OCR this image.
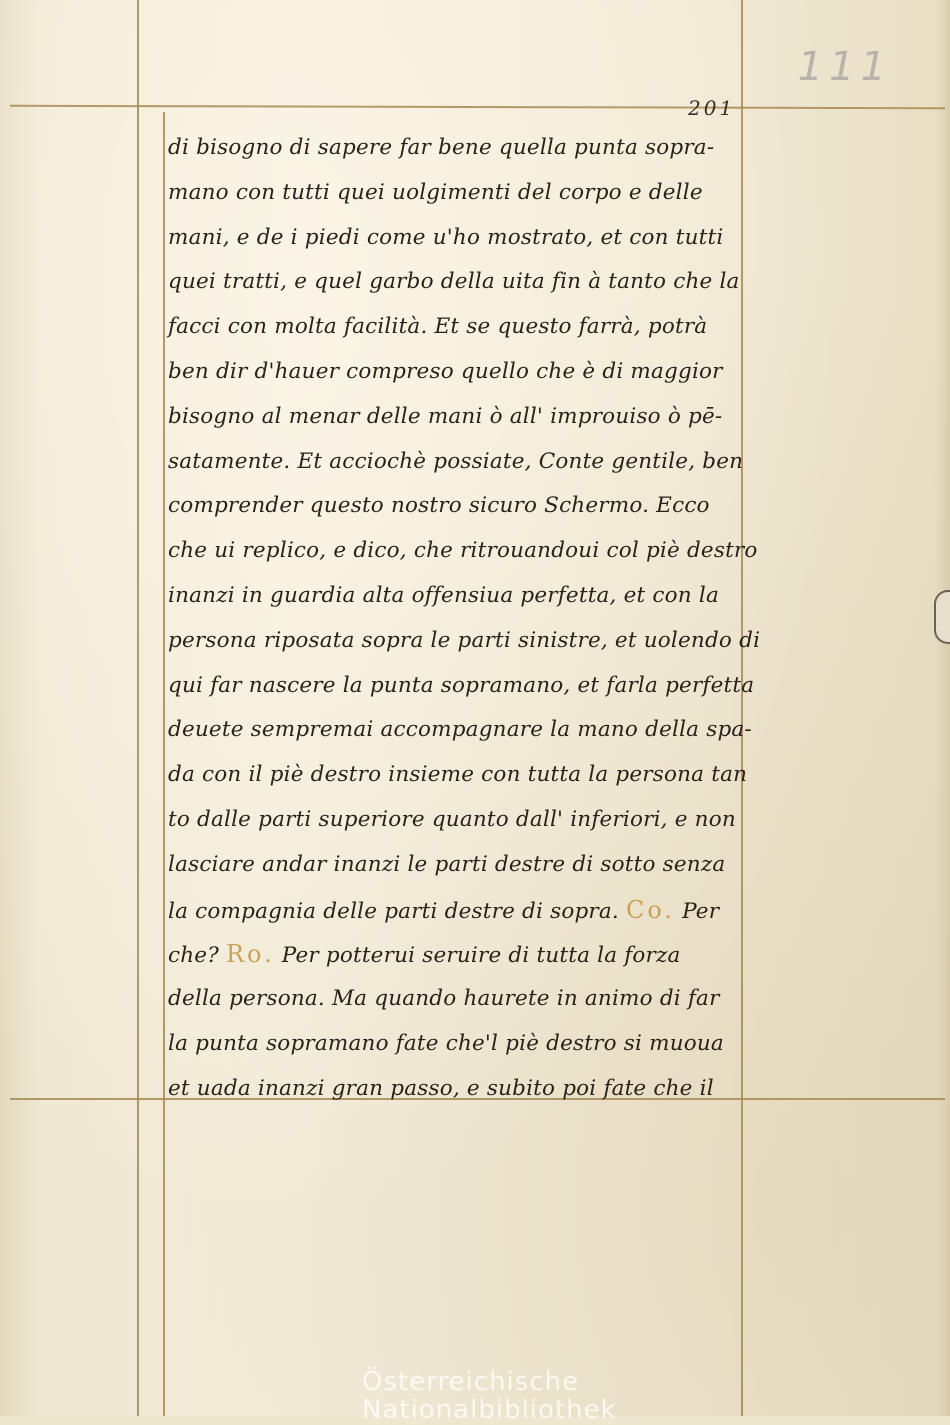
111
201
di bisogno di sapere far bene quella punta sopra-
mano con tutti quei uolgimenti del corpo e delle
mani, e de i piedi come u'ho mostrato, et con tutti
quei tratti, e quel garbo della uita fin à tanto che la
facci con molta facilità. Et se questo farrà, potrà
ben dir d'hauer compreso quello che è di maggior
bisogno al menar delle mani ò all' improuiso ò pē-
satamente. Et acciochè possiate, Conte gentile, ben
comprender questo nostro sicuro Schermo. Ecco
che ui replico, e dico, che ritrouandoui col piè destro
inanzi in guardia alta offensiua perfetta, et con la
persona riposata sopra le parti sinistre, et uolendo di
qui far nascere la punta sopramano, et farla perfetta
deuete sempremai accompagnare la mano della spa-
da con il piè destro insieme con tutta la persona tan
to dalle parti superiore quanto dall' inferiori, e non
lasciare andar inanzi le parti destre di sotto senza
la compagnia delle parti destre di sopra. Co. Per
che? Ro. Per potterui seruire di tutta la forza
della persona. Ma quando haurete in animo di far
la punta sopramano fate che'l piè destro si muoua
et uada inanzi gran passo, e subito poi fate che il
Österreichische
Nationalbibliothek
